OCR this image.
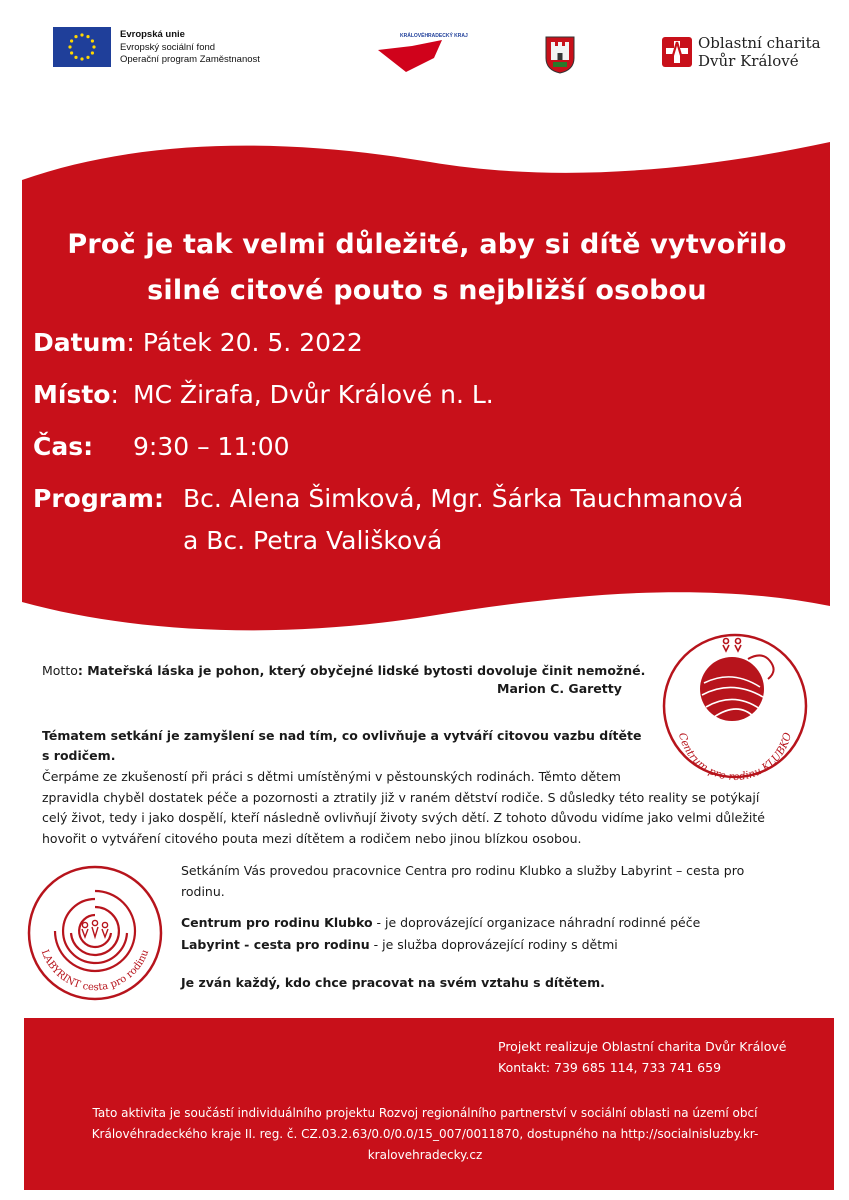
Evropská unie
Evropský sociální fond
Operační program Zaměstnanost
KRÁLOVÉHRADECKÝ KRAJ	Oblastní charita
Dvůr Králové
Proč je tak velmi důležité, aby si dítě vytvořilo
silné citové pouto s nejbližší osobou
Datum: Pátek 20. 5. 2022
Místo: MC Žirafa, Dvůr Králové n. L.
Čas: 9:30 – 11:00
Program: Bc. Alena Šimková, Mgr. Šárka Tauchmanová
a Bc. Petra Vališková
Motto: Mateřská láska je pohon, který obyčejné lidské bytosti dovoluje činit nemožné.
Marion C. Garetty
Centrum pro rodinu KLUBKO
Tématem setkání je zamyšlení se nad tím, co ovlivňuje a vytváří citovou vazbu dítěte
s rodičem.
Čerpáme ze zkušeností při práci s dětmi umístěnými v pěstounských rodinách. Těmto dětem
zpravidla chyběl dostatek péče a pozornosti a ztratily již v raném dětství rodiče. S důsledky této reality se potýkají
celý život, tedy i jako dospělí, kteří následně ovlivňují životy svých dětí. Z tohoto důvodu vidíme jako velmi důležité
hovořit o vytváření citového pouta mezi dítětem a rodičem nebo jinou blízkou osobou.
LABYRINT cesta pro rodinu
Setkáním Vás provedou pracovnice Centra pro rodinu Klubko a služby Labyrint – cesta pro
rodinu.
Centrum pro rodinu Klubko - je doprovázející organizace náhradní rodinné péče
Labyrint - cesta pro rodinu - je služba doprovázející rodiny s dětmi
Je zván každý, kdo chce pracovat na svém vztahu s dítětem.
Projekt realizuje Oblastní charita Dvůr Králové
Kontakt: 739 685 114, 733 741 659
Tato aktivita je součástí individuálního projektu Rozvoj regionálního partnerství v sociální oblasti na území obcí
Královéhradeckého kraje II. reg. č. CZ.03.2.63/0.0/0.0/15_007/0011870, dostupného na http://socialnisluzby.kr-
kralovehradecky.cz
